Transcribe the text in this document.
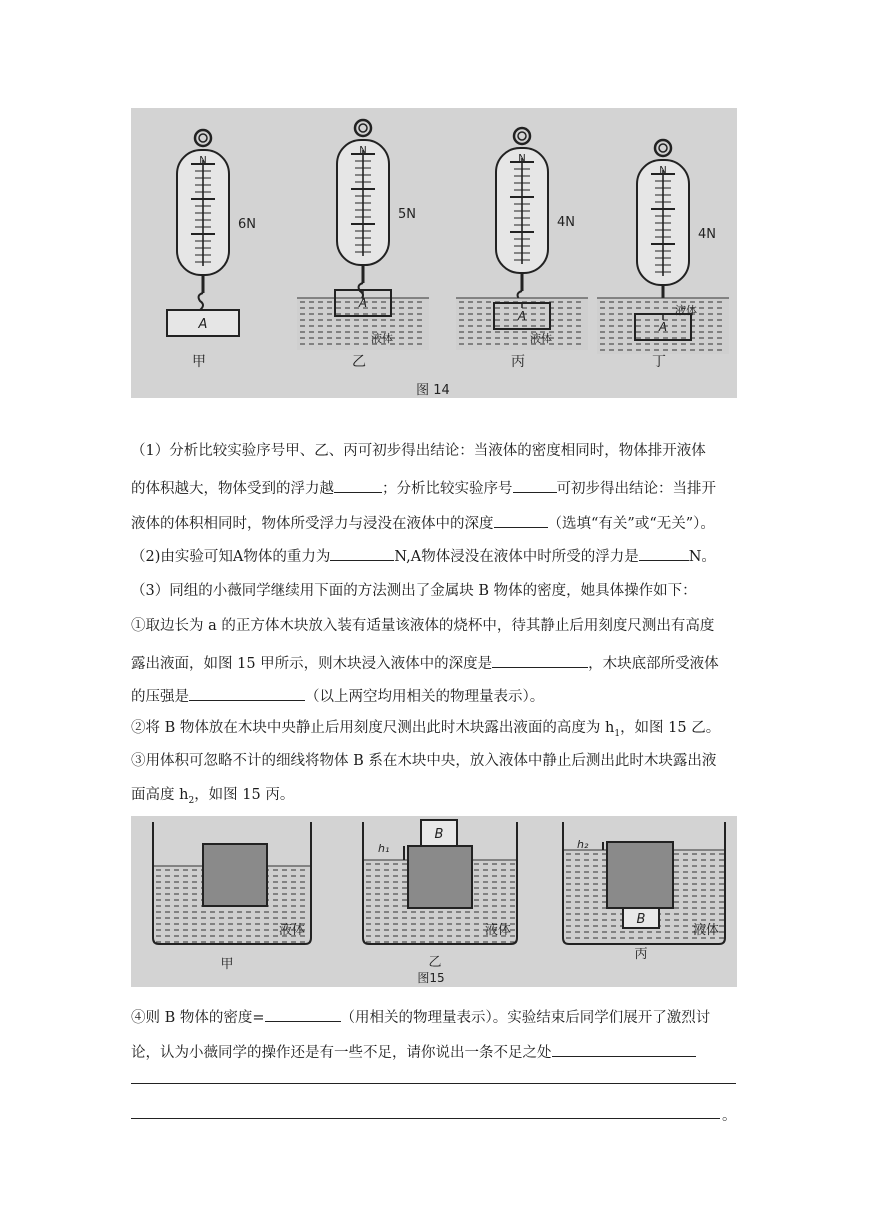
N
6N
A
甲
N
5N
A
液体
乙
N
4N
A
液体
丙
N
4N
A
液体
丁
图 14
（1）分析比较实验序号甲、乙、丙可初步得出结论：当液体的密度相同时，物体排开液体
的体积越大，物体受到的浮力越	；分析比较实验序号	可初步得出结论：当排开
液体的体积相同时，物体所受浮力与浸没在液体中的深度	（选填“有关”或“无关”）。
（2)由实验可知A物体的重力为	N,A物体浸没在液体中时所受的浮力是	N。
（3）同组的小薇同学继续用下面的方法测出了金属块 B 物体的密度，她具体操作如下：
①取边长为 a 的正方体木块放入装有适量该液体的烧杯中，待其静止后用刻度尺测出有高度
露出液面，如图 15 甲所示，则木块浸入液体中的深度是	，木块底部所受液体
的压强是	（以上两空均用相关的物理量表示）。
②将 B 物体放在木块中央静止后用刻度尺测出此时木块露出液面的高度为 $h_1$，如图 15 乙。
③用体积可忽略不计的细线将物体 B 系在木块中央，放入液体中静止后测出此时木块露出液
面高度 $h_2$，如图 15 丙。
液体
B
h₁
液体
B
h₂
液体
甲	乙
丙
图15
④则 B 物体的密度=	（用相关的物理量表示）。实验结束后同学们展开了激烈讨
论，认为小薇同学的操作还是有一些不足，请你说出一条不足之处
。
